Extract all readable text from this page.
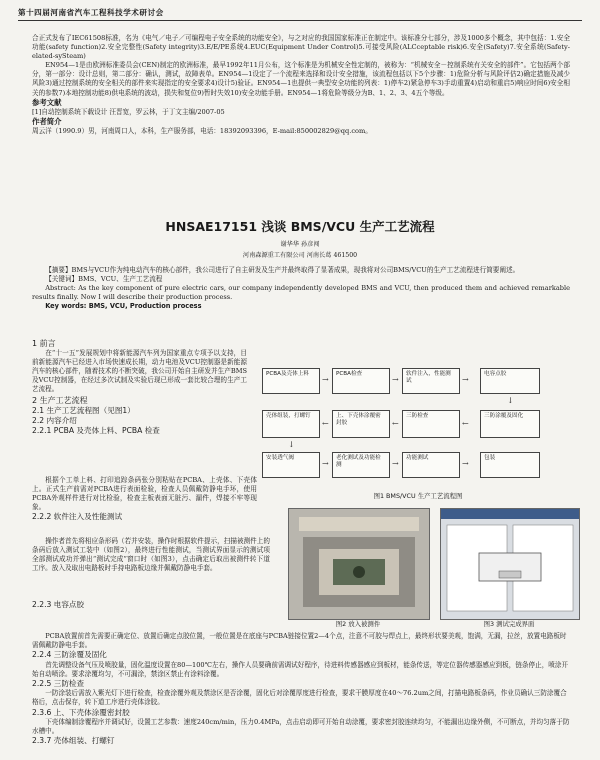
第十四届河南省汽车工程科技学术研讨会

合正式发布了IEC61508标准，名为《电气／电子／可编程电子安全系统的功能安全》，与之对应的我国国家标准正在制定中。该标准分七部分，涉及1000多个概念，其中包括：1.安全功能(safety function)2.安全完整性(Safety integrity)3.E/E/PE系统4.EUC(Equipment Under Control)5.可接受风险(ALCceptable risk)6.安全(Safety)7.安全系统(Safety-elated-sySteam)

EN954—1是由欧洲标准委员会(CEN)制定的欧洲标准，最早1992年11月公布，这个标准是为机械安全性定制的，被称为：“机械安全－控制系统有关安全的部件”。它包括两个部分，第一部分：设计总则，第二部分：确认，测试，故障表单。EN954—1设定了一个流程来选择和设计安全措施，该流程包括以下5个步骤：1)危险分析与风险评估2)确定措施及减少风险3)通过控制系统的安全相关的部件来实现指定的安全要求4)设计5)验证。EN954—1也提供一典型安全功能的列表：1)停车2)紧急停车3)手动重置4)启动和重启5)响应时间6)安全相关的参数7)本地控制功能8)供电系统的波动，损失和复位9)暂时失效10)安全功能手册。EN954—1将危险等级分为B、1、2、3、4五个等级。

参考文献

[1]自动控制系统下载设计 汪晋宽，罗云林，于丁文主编/2007-05

作者简介

周云洋（1990.9）男，河南周口人，本科，生产服务部，电话：18392093396，E-mail:850002829@qq.com。

HNSAE17151 浅谈 BMS/VCU 生产工艺流程
谢华华 孙彦闯
河南森源重工有限公司 河南长葛 461500

【摘要】BMS与VCU作为纯电动汽车的核心部件，我公司进行了自主研发及生产并最终取得了显著成果，现我将对公司BMS/VCU的生产工艺流程进行简要阐述。

【关键词】BMS、VCU、生产工艺流程

Abstract: As the key component of pure electric cars, our company independently developed BMS and VCU, then produced them and achieved remarkable results finally. Now I will describe their production process.

Key words: BMS, VCU, Production process

1 前言

在“十一五”发展规划中将新能源汽车列为国家重点专项予以支持，目前新能源汽车已经进入市场快速成长期，动力电池及VCU控制器是新能源汽车的核心部件，随着技术的不断突破，我公司开始自主研发并生产BMS及VCU控制器，在经过多次试制及实验后现已形成一套比较合理的生产工艺流程。

2 生产工艺流程

2.1 生产工艺流程图（见图1）

2.2 内容介绍

2.2.1 PCBA 及壳体上料、PCBA 检查

PCBA及壳体上料
→
PCBA检查
→
软件注入，性能测试	→
电容点胶
↓
壳体组装，打螺钉
←
上、下壳体涂覆密封胶	←
三防检查
←
三防涂覆及固化
↓
安装透气阀
→
老化测试及功能检测	→
功能测试
→
包装
图1 BMS/VCU 生产工艺流程图

根据个工单上料、打印追踪条码张分别粘贴在PCBA、上壳体、下壳体上。正式生产前需对PCBA进行表面检验，检查人员佩戴防静电手环，使用PCBA外观样件进行对比检验，检查主板表面无脏污、漏件，焊接不牢等现象。

2.2.2 软件注入及性能测试

操作者首先将相应条形码（若并安装，操作时根据软件提示，扫描被测件上的条码后放入测试工装中（如图2），最终进行性能测试，当测试界面显示的测试项全部测试成功并弹出“测试完成”窗口时（如图3），点击确定后取出被测件转下道工序。放入及取出电路板时手持电路板边缘并佩戴防静电手套。

图2 放入被测件	图3 测试完成界面

2.2.3 电容点胶

PCBA放置前首先需要正确定位、放置后确定点胶位置，一般位置是在底座与PCBA链接位置2—4个点，注意不可胶与焊点上，最终形状要美观，饱满，无漏，拉丝，放置电路板时需佩戴防静电手套。

2.2.4 三防涂覆及固化

首先调整设备气压及喷胶量，固化温度设置在80—100℃左右，操作人员要确前需调试好程序，待进料传感器感应到板材，能条传送，等定位器传感器感应到板，链条停止，喷涂开始自动喷涂。要求涂覆均匀，不可漏涂，禁涂区禁止有涂料涂覆。

2.2.5 三防检查

一防涂装后需放入紫光灯下进行检查，检查涂覆外观及禁涂区是否涂覆，固化后对涂覆厚度进行检查，要求干膜厚度在40～76.2um之间，打描电路板条码，作业员确认三防涂覆合格后，点击保存，转下道工序进行壳体涂胶。

2.3.6 上、下壳体涂覆密封胶

下壳体编制涂覆程序并调试好，设置工艺参数：速度240cm/min，压力0.4MPa，点击启动即可开始自动涂覆，要求密封胶连续均匀，不能漏出边缘外侧，不可断点，并均匀落于防水槽中。

2.3.7 壳体组装、打螺钉
